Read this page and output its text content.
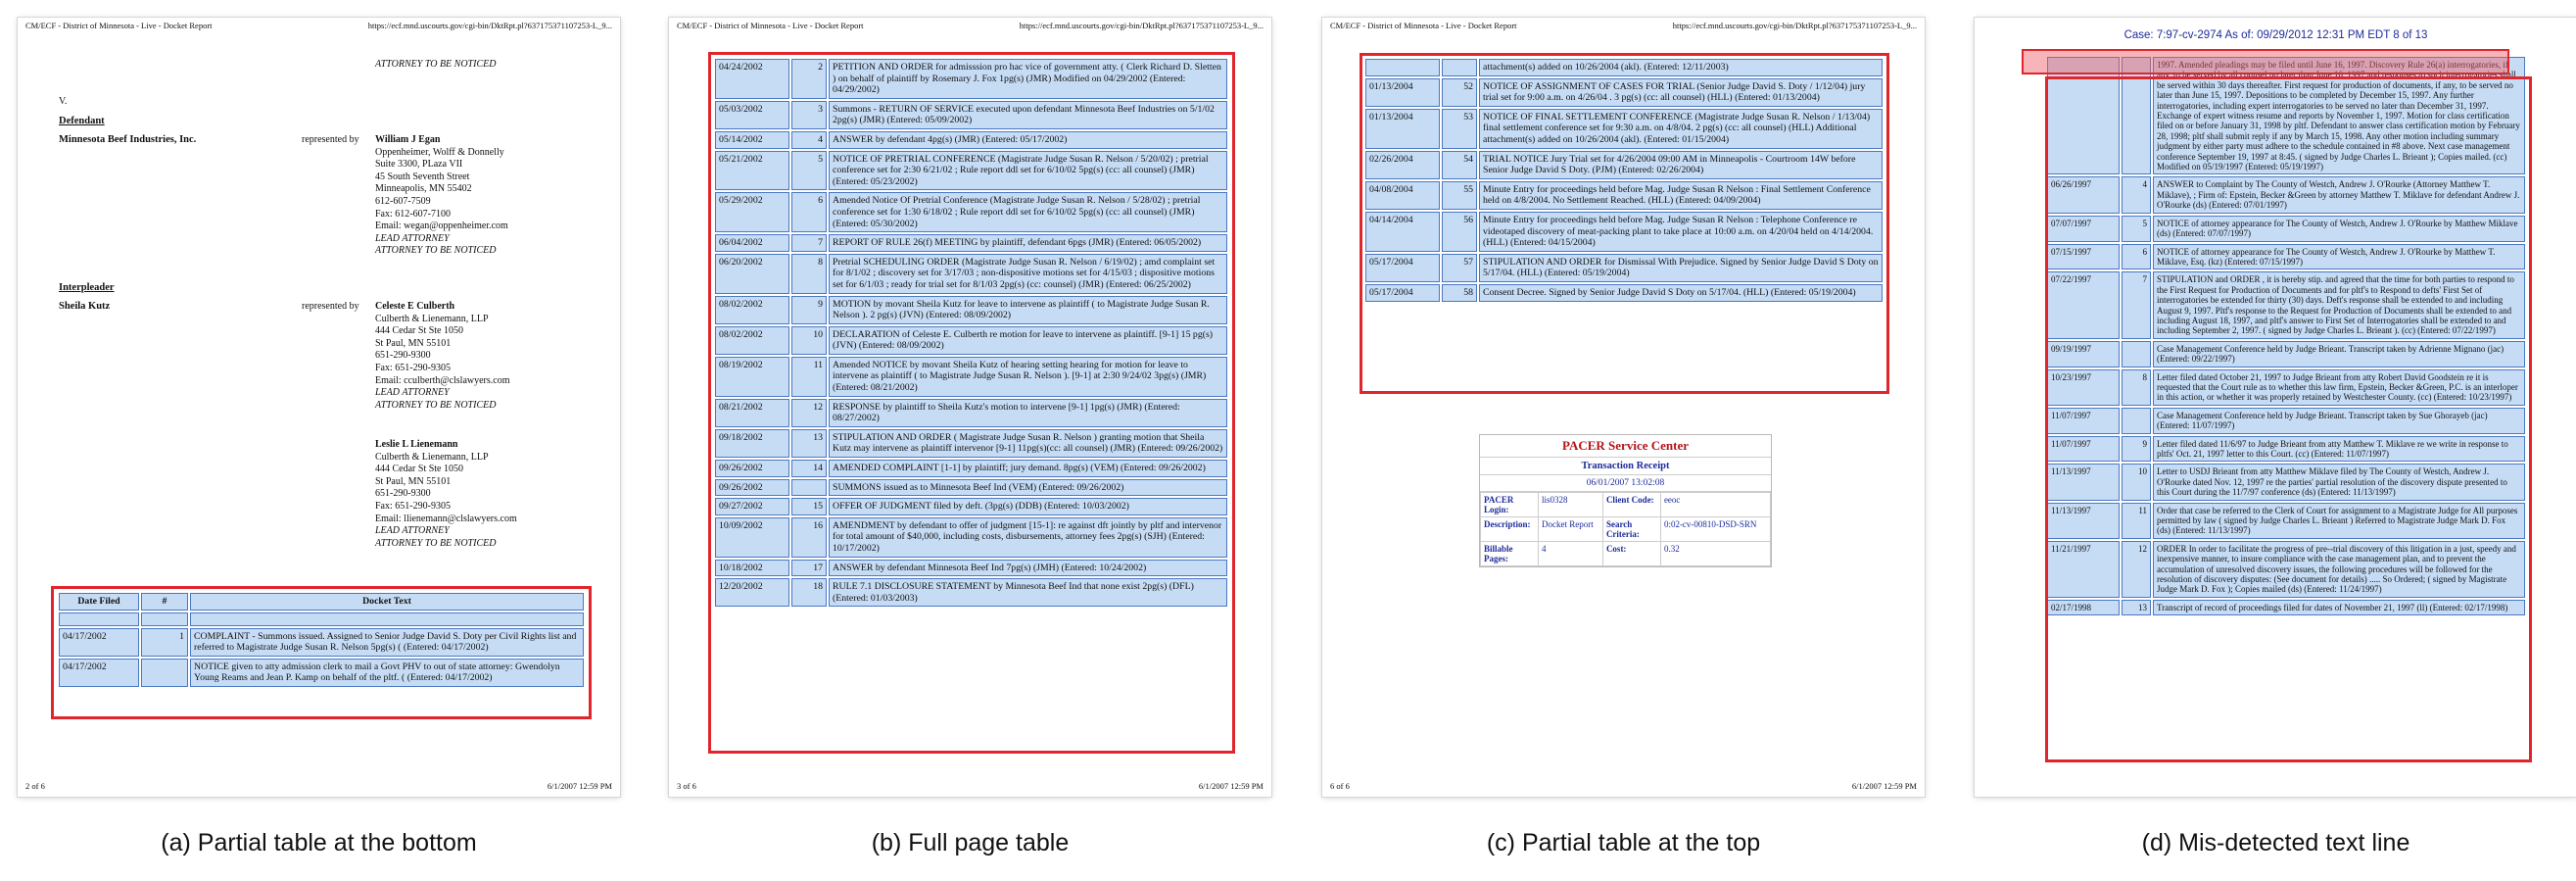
CM/ECF - District of Minnesota - Live - Docket Report	https://ecf.mnd.uscourts.gov/cgi-bin/DktRpt.pl?637175371107253-L_9...
ATTORNEY TO BE NOTICED
V.
Defendant
Minnesota Beef Industries, Inc.	represented by William J Egan
Oppenheimer, Wolff & Donnelly
Suite 3300, PLaza VII
45 South Seventh Street
Minneapolis, MN 55402
612-607-7509
Fax: 612-607-7100
Email: wegan@oppenheimer.com
LEAD ATTORNEY
ATTORNEY TO BE NOTICED
Interpleader
Sheila Kutz	represented by Celeste E Culberth
Culberth & Lienemann, LLP
444 Cedar St Ste 1050
St Paul, MN 55101
651-290-9300
Fax: 651-290-9305
Email: cculberth@clslawyers.com
LEAD ATTORNEY
ATTORNEY TO BE NOTICED
Leslie L Lienemann
Culberth & Lienemann, LLP
444 Cedar St Ste 1050
St Paul, MN 55101
651-290-9300
Fax: 651-290-9305
Email: llienemann@clslawyers.com
LEAD ATTORNEY
ATTORNEY TO BE NOTICED
Date Filed	#	Docket Text

04/17/2002	1	COMPLAINT - Summons issued. Assigned to Senior Judge David S. Doty per Civil Rights list and referred to Magistrate Judge Susan R. Nelson 5pg(s) ( (Entered: 04/17/2002)
04/17/2002		NOTICE given to atty admission clerk to mail a Govt PHV to out of state attorney: Gwendolyn Young Reams and Jean P. Kamp on behalf of the pltf. ( (Entered: 04/17/2002)
2 of 6	6/1/2007 12:59 PM
CM/ECF - District of Minnesota - Live - Docket Report	https://ecf.mnd.uscourts.gov/cgi-bin/DktRpt.pl?637175371107253-L_9...
04/24/2002	2	PETITION AND ORDER for admisssion pro hac vice of government atty. ( Clerk Richard D. Sletten ) on behalf of plaintiff by Rosemary J. Fox 1pg(s) (JMR) Modified on 04/29/2002 (Entered: 04/29/2002)
05/03/2002	3	Summons - RETURN OF SERVICE executed upon defendant Minnesota Beef Industries on 5/1/02 2pg(s) (JMR) (Entered: 05/09/2002)
05/14/2002	4	ANSWER by defendant 4pg(s) (JMR) (Entered: 05/17/2002)
05/21/2002	5	NOTICE OF PRETRIAL CONFERENCE (Magistrate Judge Susan R. Nelson / 5/20/02) ; pretrial conference set for 2:30 6/21/02 ; Rule report ddl set for 6/10/02 5pg(s) (cc: all counsel) (JMR) (Entered: 05/23/2002)
05/29/2002	6	Amended Notice Of Pretrial Conference (Magistrate Judge Susan R. Nelson / 5/28/02) ; pretrial conference set for 1:30 6/18/02 ; Rule report ddl set for 6/10/02 5pg(s) (cc: all counsel) (JMR) (Entered: 05/30/2002)
06/04/2002	7	REPORT OF RULE 26(f) MEETING by plaintiff, defendant 6pgs (JMR) (Entered: 06/05/2002)
06/20/2002	8	Pretrial SCHEDULING ORDER (Magistrate Judge Susan R. Nelson / 6/19/02) ; amd complaint set for 8/1/02 ; discovery set for 3/17/03 ; non-dispositive motions set for 4/15/03 ; dispositive motions set for 6/1/03 ; ready for trial set for 8/1/03 2pg(s) (cc: counsel) (JMR) (Entered: 06/25/2002)
08/02/2002	9	MOTION by movant Sheila Kutz for leave to intervene as plaintiff ( to Magistrate Judge Susan R. Nelson ). 2 pg(s) (JVN) (Entered: 08/09/2002)
08/02/2002	10	DECLARATION of Celeste E. Culberth re motion for leave to intervene as plaintiff. [9-1] 15 pg(s) (JVN) (Entered: 08/09/2002)
08/19/2002	11	Amended NOTICE by movant Sheila Kutz of hearing setting hearing for motion for leave to intervene as plaintiff ( to Magistrate Judge Susan R. Nelson ). [9-1] at 2:30 9/24/02 3pg(s) (JMR) (Entered: 08/21/2002)
08/21/2002	12	RESPONSE by plaintiff to Sheila Kutz's motion to intervene [9-1] 1pg(s) (JMR) (Entered: 08/27/2002)
09/18/2002	13	STIPULATION AND ORDER ( Magistrate Judge Susan R. Nelson ) granting motion that Sheila Kutz may intervene as plaintiff intervenor [9-1] 11pg(s)(cc: all counsel) (JMR) (Entered: 09/26/2002)
09/26/2002	14	AMENDED COMPLAINT [1-1] by plaintiff; jury demand. 8pg(s) (VEM) (Entered: 09/26/2002)
09/26/2002		SUMMONS issued as to Minnesota Beef Ind (VEM) (Entered: 09/26/2002)
09/27/2002	15	OFFER OF JUDGMENT filed by deft. (3pg(s) (DDB) (Entered: 10/03/2002)
10/09/2002	16	AMENDMENT by defendant to offer of judgment [15-1]: re against dft jointly by pltf and intervenor for total amount of $40,000, including costs, disbursements, attorney fees 2pg(s) (SJH) (Entered: 10/17/2002)
10/18/2002	17	ANSWER by defendant Minnesota Beef Ind 7pg(s) (JMH) (Entered: 10/24/2002)
12/20/2002	18	RULE 7.1 DISCLOSURE STATEMENT by Minnesota Beef Ind that none exist 2pg(s) (DFL) (Entered: 01/03/2003)
3 of 6	6/1/2007 12:59 PM
CM/ECF - District of Minnesota - Live - Docket Report	https://ecf.mnd.uscourts.gov/cgi-bin/DktRpt.pl?637175371107253-L_9...
		attachment(s) added on 10/26/2004 (akl). (Entered: 12/11/2003)
01/13/2004	52	NOTICE OF ASSIGNMENT OF CASES FOR TRIAL (Senior Judge David S. Doty / 1/12/04) jury trial set for 9:00 a.m. on 4/26/04 . 3 pg(s) (cc: all counsel) (HLL) (Entered: 01/13/2004)
01/13/2004	53	NOTICE OF FINAL SETTLEMENT CONFERENCE (Magistrate Judge Susan R. Nelson / 1/13/04) final settlement conference set for 9:30 a.m. on 4/8/04. 2 pg(s) (cc: all counsel) (HLL) Additional attachment(s) added on 10/26/2004 (akl). (Entered: 01/15/2004)
02/26/2004	54	TRIAL NOTICE Jury Trial set for 4/26/2004 09:00 AM in Minneapolis - Courtroom 14W before Senior Judge David S Doty. (PJM) (Entered: 02/26/2004)
04/08/2004	55	Minute Entry for proceedings held before Mag. Judge Susan R Nelson : Final Settlement Conference held on 4/8/2004. No Settlement Reached. (HLL) (Entered: 04/09/2004)
04/14/2004	56	Minute Entry for proceedings held before Mag. Judge Susan R Nelson : Telephone Conference re videotaped discovery of meat-packing plant to take place at 10:00 a.m. on 4/20/04 held on 4/14/2004. (HLL) (Entered: 04/15/2004)
05/17/2004	57	STIPULATION AND ORDER for Dismissal With Prejudice. Signed by Senior Judge David S Doty on 5/17/04. (HLL) (Entered: 05/19/2004)
05/17/2004	58	Consent Decree. Signed by Senior Judge David S Doty on 5/17/04. (HLL) (Entered: 05/19/2004)
PACER Service Center
Transaction Receipt
06/01/2007 13:02:08
PACER Login:	lis0328	Client Code:	eeoc
Description:	Docket Report	Search Criteria:	0:02-cv-00810-DSD-SRN
Billable Pages:	4	Cost:	0.32
6 of 6	6/1/2007 12:59 PM
Case: 7:97-cv-2974 As of: 09/29/2012 12:31 PM EDT 8 of 13
		1997. Amended pleadings may be filed until June 16, 1997. Discovery Rule 26(a) interrogatories, if any, to be served by all counsel no later than June 16, 1997 and responses to such interrogatories shall be served within 30 days thereafter. First request for production of documents, if any, to be served no later than June 15, 1997. Depositions to be completed by December 15, 1997. Any further interrogatories, including expert interrogatories to be served no later than December 31, 1997. Exchange of expert witness resume and reports by November 1, 1997. Motion for class certification filed on or before January 31, 1998 by pltf. Defendant to answer class certification motion by February 28, 1998; pltf shall submit reply if any by March 15, 1998. Any other motion including summary judgment by either party must adhere to the schedule contained in #8 above. Next case management conference September 19, 1997 at 8:45. ( signed by Judge Charles L. Brieant ); Copies mailed. (cc) Modified on 05/19/1997 (Entered: 05/19/1997)
06/26/1997	4	ANSWER to Complaint by The County of Westch, Andrew J. O'Rourke (Attorney Matthew T. Miklave), ; Firm of: Epstein, Becker &Green by attorney Matthew T. Miklave for defendant Andrew J. O'Rourke (ds) (Entered: 07/01/1997)
07/07/1997	5	NOTICE of attorney appearance for The County of Westch, Andrew J. O'Rourke by Matthew Miklave (ds) (Entered: 07/07/1997)
07/15/1997	6	NOTICE of attorney appearance for The County of Westch, Andrew J. O'Rourke by Matthew T. Miklave, Esq. (kz) (Entered: 07/15/1997)
07/22/1997	7	STIPULATION and ORDER , it is hereby stip. and agreed that the time for both parties to respond to the First Request for Production of Documents and for pltf's to Respond to defts' First Set of interrogatories be extended for thirty (30) days. Deft's response shall be extended to and including August 9, 1997. Pltf's response to the Request for Production of Documents shall be extended to and including August 18, 1997, and pltf's answer to First Set of Interrogatories shall be extended to and including September 2, 1997. ( signed by Judge Charles L. Brieant ). (cc) (Entered: 07/22/1997)
09/19/1997		Case Management Conference held by Judge Brieant. Transcript taken by Adrienne Mignano (jac) (Entered: 09/22/1997)
10/23/1997	8	Letter filed dated October 21, 1997 to Judge Brieant from atty Robert David Goodstein re it is requested that the Court rule as to whether this law firm, Epstein, Becker &Green, P.C. is an interloper in this action, or whether it was properly retained by Westchester County. (cc) (Entered: 10/23/1997)
11/07/1997		Case Management Conference held by Judge Brieant. Transcript taken by Sue Ghorayeb (jac) (Entered: 11/07/1997)
11/07/1997	9	Letter filed dated 11/6/97 to Judge Brieant from atty Matthew T. Miklave re we write in response to pltfs' Oct. 21, 1997 letter to this Court. (cc) (Entered: 11/07/1997)
11/13/1997	10	Letter to USDJ Brieant from atty Matthew Miklave filed by The County of Westch, Andrew J. O'Rourke dated Nov. 12, 1997 re the parties' partial resolution of the discovery dispute presented to this Court during the 11/7/97 conference (ds) (Entered: 11/13/1997)
11/13/1997	11	Order that case be referred to the Clerk of Court for assignment to a Magistrate Judge for All purposes permitted by law ( signed by Judge Charles L. Brieant ) Referred to Magistrate Judge Mark D. Fox (ds) (Entered: 11/13/1997)
11/21/1997	12	ORDER In order to facilitate the progress of pre--trial discovery of this litigation in a just, speedy and inexpensive manner, to insure compliance with the case management plan, and to prevent the accumulation of unresolved discovery issues, the following procedures will be followed for the resolution of discovery disputes: (See document for details) ..... So Ordered; ( signed by Magistrate Judge Mark D. Fox ); Copies mailed (ds) (Entered: 11/24/1997)
02/17/1998	13	Transcript of record of proceedings filed for dates of November 21, 1997 (ll) (Entered: 02/17/1998)
(a) Partial table at the bottom	(b) Full page table	(c) Partial table at the top	(d) Mis-detected text line
